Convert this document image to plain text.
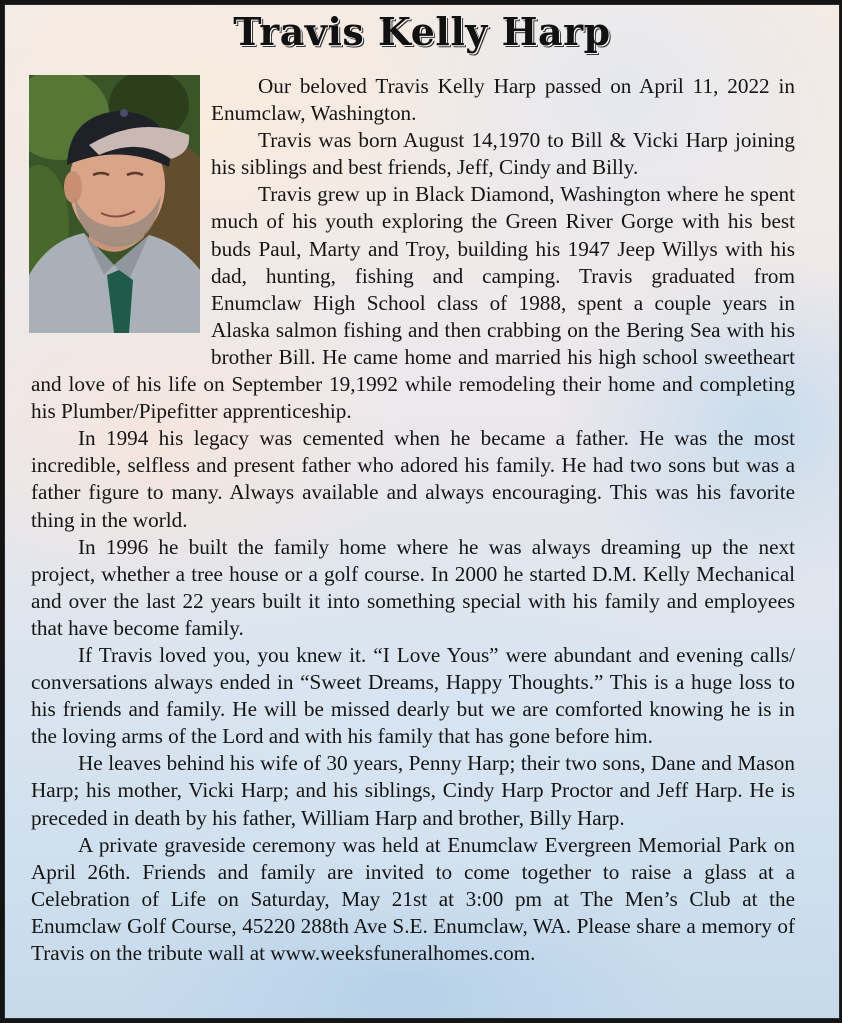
Travis Kelly Harp

Our beloved Travis Kelly Harp passed on April 11, 2022 in Enumclaw, Washington.

Travis was born August 14,1970 to Bill & Vicki Harp joining his siblings and best friends, Jeff, Cindy and Billy.

Travis grew up in Black Diamond, Washington where he spent much of his youth exploring the Green River Gorge with his best buds Paul, Marty and Troy, building his 1947 Jeep Willys with his dad, hunting, fishing and camping. Travis graduated from Enumclaw High School class of 1988, spent a couple years in Alaska salmon fishing and then crabbing on the Bering Sea with his brother Bill. He came home and married his high school sweetheart and love of his life on September 19,1992 while remodeling their home and completing his Plumber/Pipefitter apprenticeship.

In 1994 his legacy was cemented when he became a father. He was the most incredible, selfless and present father who adored his family. He had two sons but was a father figure to many. Always available and always encouraging. This was his favorite thing in the world.

In 1996 he built the family home where he was always dreaming up the next project, whether a tree house or a golf course. In 2000 he started D.M. Kelly Mechanical and over the last 22 years built it into something special with his family and employees that have become family.

If Travis loved you, you knew it. “I Love Yous” were abundant and evening calls/ conversations always ended in “Sweet Dreams, Happy Thoughts.” This is a huge loss to his friends and family. He will be missed dearly but we are comforted knowing he is in the loving arms of the Lord and with his family that has gone before him.

He leaves behind his wife of 30 years, Penny Harp; their two sons, Dane and Mason Harp; his mother, Vicki Harp; and his siblings, Cindy Harp Proctor and Jeff Harp. He is preceded in death by his father, William Harp and brother, Billy Harp.

A private graveside ceremony was held at Enumclaw Evergreen Memorial Park on April 26th. Friends and family are invited to come together to raise a glass at a Celebration of Life on Saturday, May 21st at 3:00 pm at The Men’s Club at the Enumclaw Golf Course, 45220 288th Ave S.E. Enumclaw, WA. Please share a memory of Travis on the tribute wall at www.weeksfuneralhomes.com.
